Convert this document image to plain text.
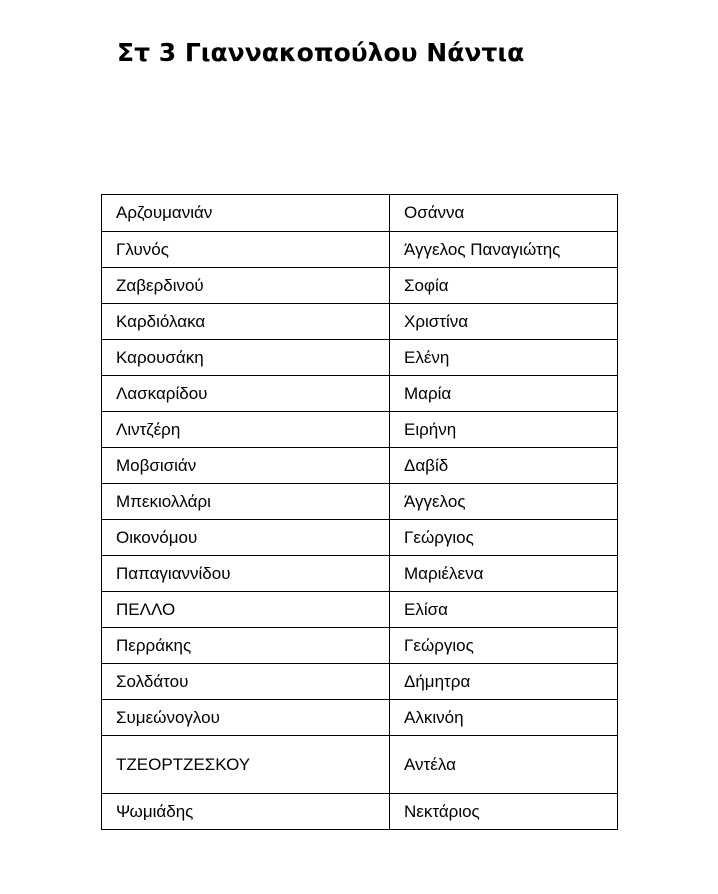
Στ 3 Γιαννακοπούλου Νάντια
Αρζουμανιάν	Οσάννα
Γλυνός	Άγγελος Παναγιώτης
Ζαβερδινού	Σοφία
Καρδιόλακα	Χριστίνα
Καρουσάκη	Ελένη
Λασκαρίδου	Μαρία
Λιντζέρη	Ειρήνη
Μοβσισιάν	Δαβίδ
Μπεκιολλάρι	Άγγελος
Οικονόμου	Γεώργιος
Παπαγιαννίδου	Μαριέλενα
ΠΕΛΛΟ	Ελίσα
Περράκης	Γεώργιος
Σολδάτου	Δήμητρα
Συμεώνογλου	Αλκινόη
ΤΖΕΟΡΤΖΕΣΚΟΥ	Αντέλα
Ψωμιάδης	Νεκτάριος
